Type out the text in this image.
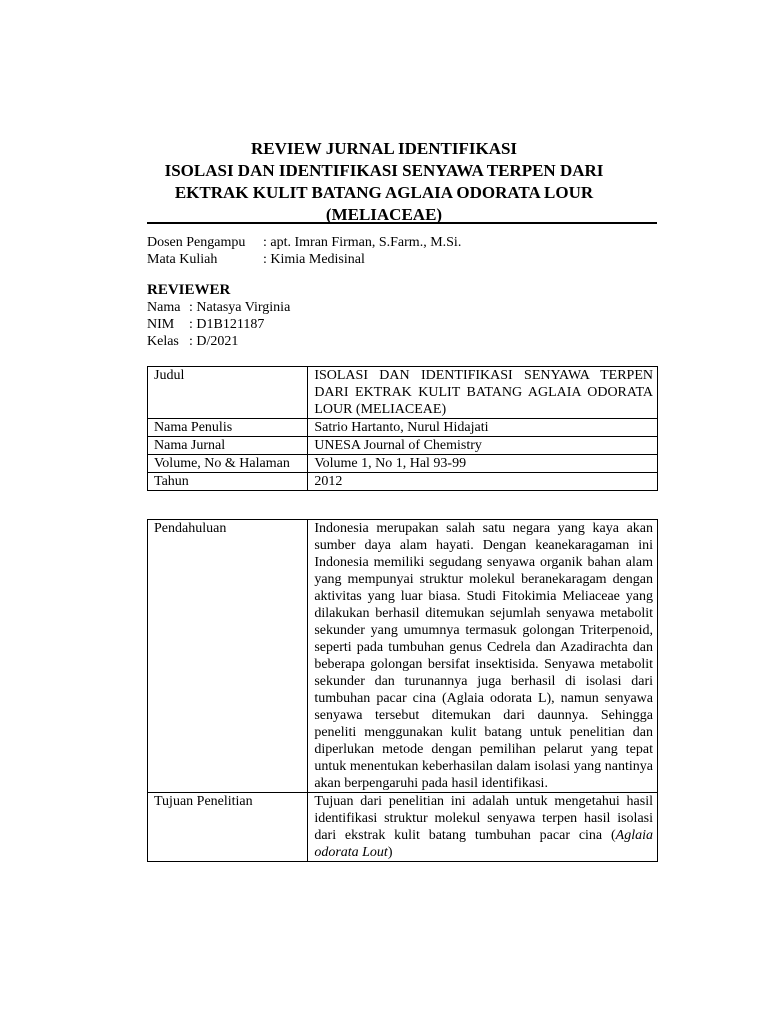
REVIEW JURNAL IDENTIFIKASI
ISOLASI DAN IDENTIFIKASI SENYAWA TERPEN DARI
EKTRAK KULIT BATANG AGLAIA ODORATA LOUR
(MELIACEAE)
Dosen Pengampu	: apt. Imran Firman, S.Farm., M.Si.
Mata Kuliah	: Kimia Medisinal
REVIEWER
Nama : Natasya Virginia
NIM	: D1B121187
Kelas : D/2021
Judul	ISOLASI DAN IDENTIFIKASI SENYAWA TERPEN DARI EKTRAK KULIT BATANG AGLAIA ODORATA LOUR (MELIACEAE)
Nama Penulis	Satrio Hartanto, Nurul Hidajati
Nama Jurnal	UNESA Journal of Chemistry
Volume, No & Halaman	Volume 1, No 1, Hal 93-99
Tahun	2012
Pendahuluan	Indonesia merupakan salah satu negara yang kaya akan sumber daya alam hayati. Dengan keanekaragaman ini Indonesia memiliki segudang senyawa organik bahan alam yang mempunyai struktur molekul beranekaragam dengan aktivitas yang luar biasa. Studi Fitokimia Meliaceae yang dilakukan berhasil ditemukan sejumlah senyawa metabolit sekunder yang umumnya termasuk golongan Triterpenoid, seperti pada tumbuhan genus Cedrela dan Azadirachta dan beberapa golongan bersifat insektisida. Senyawa metabolit sekunder dan turunannya juga berhasil di isolasi dari tumbuhan pacar cina (Aglaia odorata L), namun senyawa senyawa tersebut ditemukan dari daunnya. Sehingga peneliti menggunakan kulit batang untuk penelitian dan diperlukan metode dengan pemilihan pelarut yang tepat untuk menentukan keberhasilan dalam isolasi yang nantinya akan berpengaruhi pada hasil identifikasi.
Tujuan Penelitian	Tujuan dari penelitian ini adalah untuk mengetahui hasil identifikasi struktur molekul senyawa terpen hasil isolasi dari ekstrak kulit batang tumbuhan pacar cina (Aglaia odorata Lout)
